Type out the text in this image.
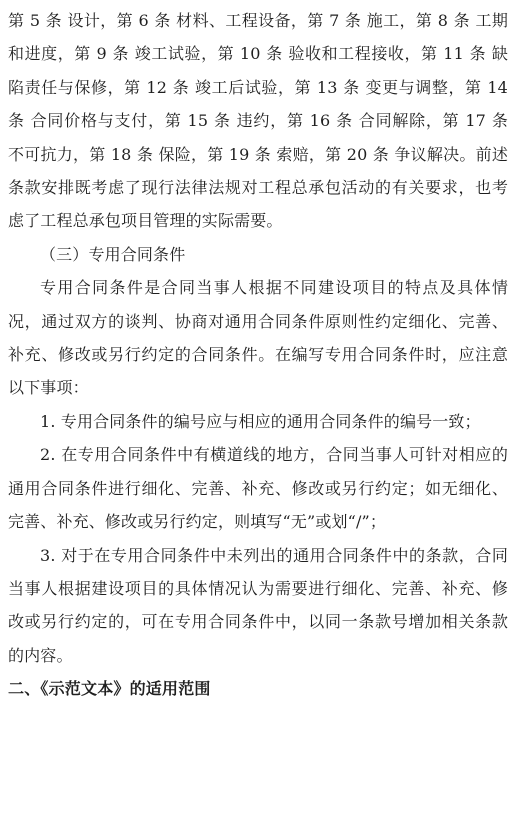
第 5 条 设计，第 6 条 材料、工程设备，第 7 条 施工，第 8 条 工期和进度，第 9 条 竣工试验，第 10 条 验收和工程接收，第 11 条 缺陷责任与保修，第 12 条 竣工后试验，第 13 条 变更与调整，第 14 条 合同价格与支付，第 15 条 违约，第 16 条 合同解除，第 17 条 不可抗力，第 18 条 保险，第 19 条 索赔，第 20 条 争议解决。前述条款安排既考虑了现行法律法规对工程总承包活动的有关要求，也考虑了工程总承包项目管理的实际需要。

（三）专用合同条件

专用合同条件是合同当事人根据不同建设项目的特点及具体情况，通过双方的谈判、协商对通用合同条件原则性约定细化、完善、补充、修改或另行约定的合同条件。在编写专用合同条件时，应注意以下事项：

1. 专用合同条件的编号应与相应的通用合同条件的编号一致；

2. 在专用合同条件中有横道线的地方，合同当事人可针对相应的通用合同条件进行细化、完善、补充、修改或另行约定；如无细化、完善、补充、修改或另行约定，则填写“无”或划“/”；

3. 对于在专用合同条件中未列出的通用合同条件中的条款，合同当事人根据建设项目的具体情况认为需要进行细化、完善、补充、修改或另行约定的，可在专用合同条件中，以同一条款号增加相关条款的内容。

二、《示范文本》的适用范围
